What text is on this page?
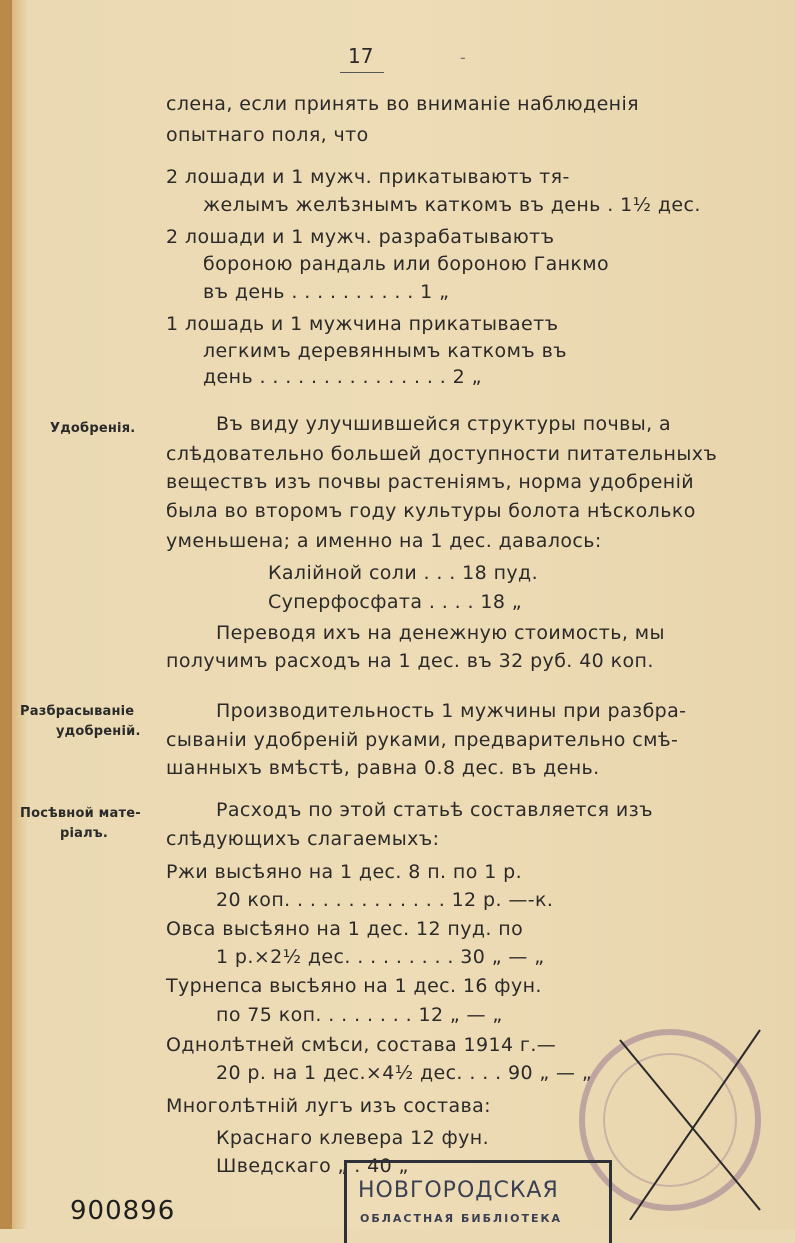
17	-
слена, если принять во вниманіе наблюденія
опытнаго поля, что
2 лошади и 1 мужч. прикатываютъ тя-
желымъ желѣзнымъ каткомъ въ день . 1½ дес.
2 лошади и 1 мужч. разрабатываютъ
бороною рандаль или бороною Ганкмо
въ день . . . . . . . . . . 1 „
1 лошадь и 1 мужчина прикатываетъ
легкимъ деревяннымъ каткомъ въ
день . . . . . . . . . . . . . . . 2 „
Удобренія.
Разбрасываніе
удобреній.
Посѣвной мате-
ріалъ.
Въ виду улучшившейся структуры почвы, а
слѣдовательно большей доступности питательныхъ
веществъ изъ почвы растеніямъ, норма удобреній
была во второмъ году культуры болота нѣсколько
уменьшена; а именно на 1 дес. давалось:
Калійной соли . . . 18 пуд.
Суперфосфата . . . . 18 „
Переводя ихъ на денежную стоимость, мы
получимъ расходъ на 1 дес. въ 32 руб. 40 коп.
Производительность 1 мужчины при разбра-
сываніи удобреній руками, предварительно смѣ-
шанныхъ вмѣстѣ, равна 0.8 дес. въ день.
Расходъ по этой статьѣ составляется изъ
слѣдующихъ слагаемыхъ:
Ржи высѣяно на 1 дес. 8 п. по 1 р.
20 коп. . . . . . . . . . . . . 12 р. —-к.
Овса высѣяно на 1 дес. 12 пуд. по
1 р.×2½ дес. . . . . . . . . 30 „ — „
Турнепса высѣяно на 1 дес. 16 фун.
по 75 коп. . . . . . . . 12 „ — „
Однолѣтней смѣси, состава 1914 г.—
20 р. на 1 дес.×4½ дес. . . . 90 „ — „
Многолѣтній лугъ изъ состава:
Краснаго клевера 12 фун.
Шведскаго „ . 40 „
НОВГОРОДСКАЯ
ОБЛАСТНАЯ БИБЛІОТЕКА
900896
